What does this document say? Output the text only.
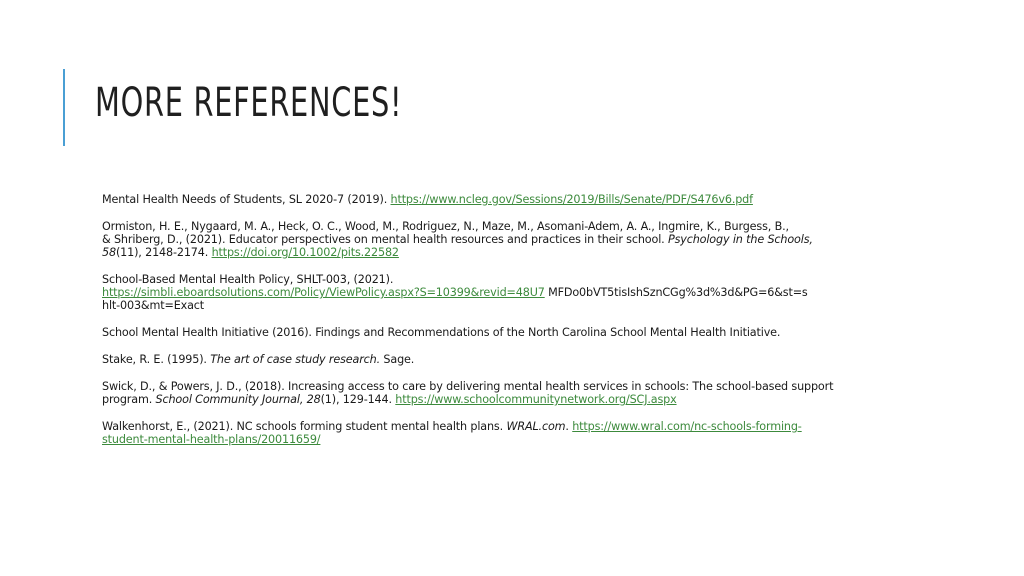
MORE REFERENCES!

Mental Health Needs of Students, SL 2020-7 (2019). https://www.ncleg.gov/Sessions/2019/Bills/Senate/PDF/S476v6.pdf

Ormiston, H. E., Nygaard, M. A., Heck, O. C., Wood, M., Rodriguez, N., Maze, M., Asomani-Adem, A. A., Ingmire, K., Burgess, B.,
& Shriberg, D., (2021). Educator perspectives on mental health resources and practices in their school. Psychology in the Schools,
58(11), 2148-2174. https://doi.org/10.1002/pits.22582

School-Based Mental Health Policy, SHLT-003, (2021).
https://simbli.eboardsolutions.com/Policy/ViewPolicy.aspx?S=10399&revid=48U7 MFDo0bVT5tisIshSznCGg%3d%3d&PG=6&st=s
hlt-003&mt=Exact

School Mental Health Initiative (2016). Findings and Recommendations of the North Carolina School Mental Health Initiative.

Stake, R. E. (1995). The art of case study research. Sage.

Swick, D., & Powers, J. D., (2018). Increasing access to care by delivering mental health services in schools: The school-based support
program. School Community Journal, 28(1), 129-144. https://www.schoolcommunitynetwork.org/SCJ.aspx

Walkenhorst, E., (2021). NC schools forming student mental health plans. WRAL.com. https://www.wral.com/nc-schools-forming-
student-mental-health-plans/20011659/
